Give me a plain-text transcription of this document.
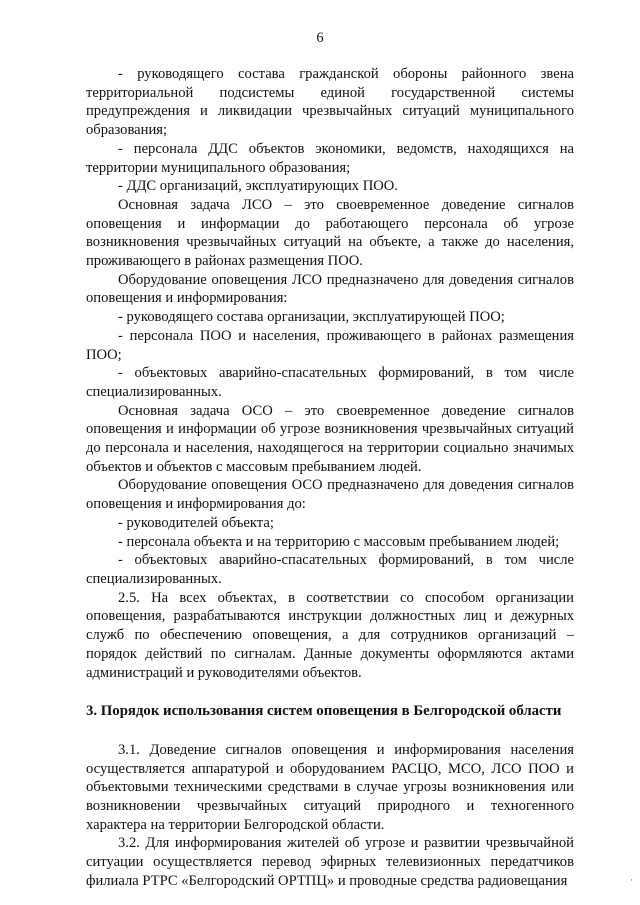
6

- руководящего состава гражданской обороны районного звена территориальной подсистемы единой государственной системы предупреждения и ликвидации чрезвычайных ситуаций муниципального образования;

- персонала ДДС объектов экономики, ведомств, находящихся на территории муниципального образования;

- ДДС организаций, эксплуатирующих ПОО.

Основная задача ЛСО – это своевременное доведение сигналов оповещения и информации до работающего персонала об угрозе возникновения чрезвычайных ситуаций на объекте, а также до населения, проживающего в районах размещения ПОО.

Оборудование оповещения ЛСО предназначено для доведения сигналов оповещения и информирования:

- руководящего состава организации, эксплуатирующей ПОО;

- персонала ПОО и населения, проживающего в районах размещения ПОО;

- объектовых аварийно-спасательных формирований, в том числе специализированных.

Основная задача ОСО – это своевременное доведение сигналов оповещения и информации об угрозе возникновения чрезвычайных ситуаций до персонала и населения, находящегося на территории социально значимых объектов и объектов с массовым пребыванием людей.

Оборудование оповещения ОСО предназначено для доведения сигналов оповещения и информирования до:

- руководителей объекта;

- персонала объекта и на территорию с массовым пребыванием людей;

- объектовых аварийно-спасательных формирований, в том числе специализированных.

2.5. На всех объектах, в соответствии со способом организации оповещения, разрабатываются инструкции должностных лиц и дежурных служб по обеспечению оповещения, а для сотрудников организаций – порядок действий по сигналам. Данные документы оформляются актами администраций и руководителями объектов.

3. Порядок использования систем оповещения в Белгородской области

3.1. Доведение сигналов оповещения и информирования населения осуществляется аппаратурой и оборудованием РАСЦО, МСО, ЛСО ПОО и объектовыми техническими средствами в случае угрозы возникновения или возникновении чрезвычайных ситуаций природного и техногенного характера на территории Белгородской области.

3.2. Для информирования жителей об угрозе и развитии чрезвычайной ситуации осуществляется перевод эфирных телевизионных передатчиков филиала РТРС «Белгородский ОРТПЦ» и проводные средства радиовещания	·
